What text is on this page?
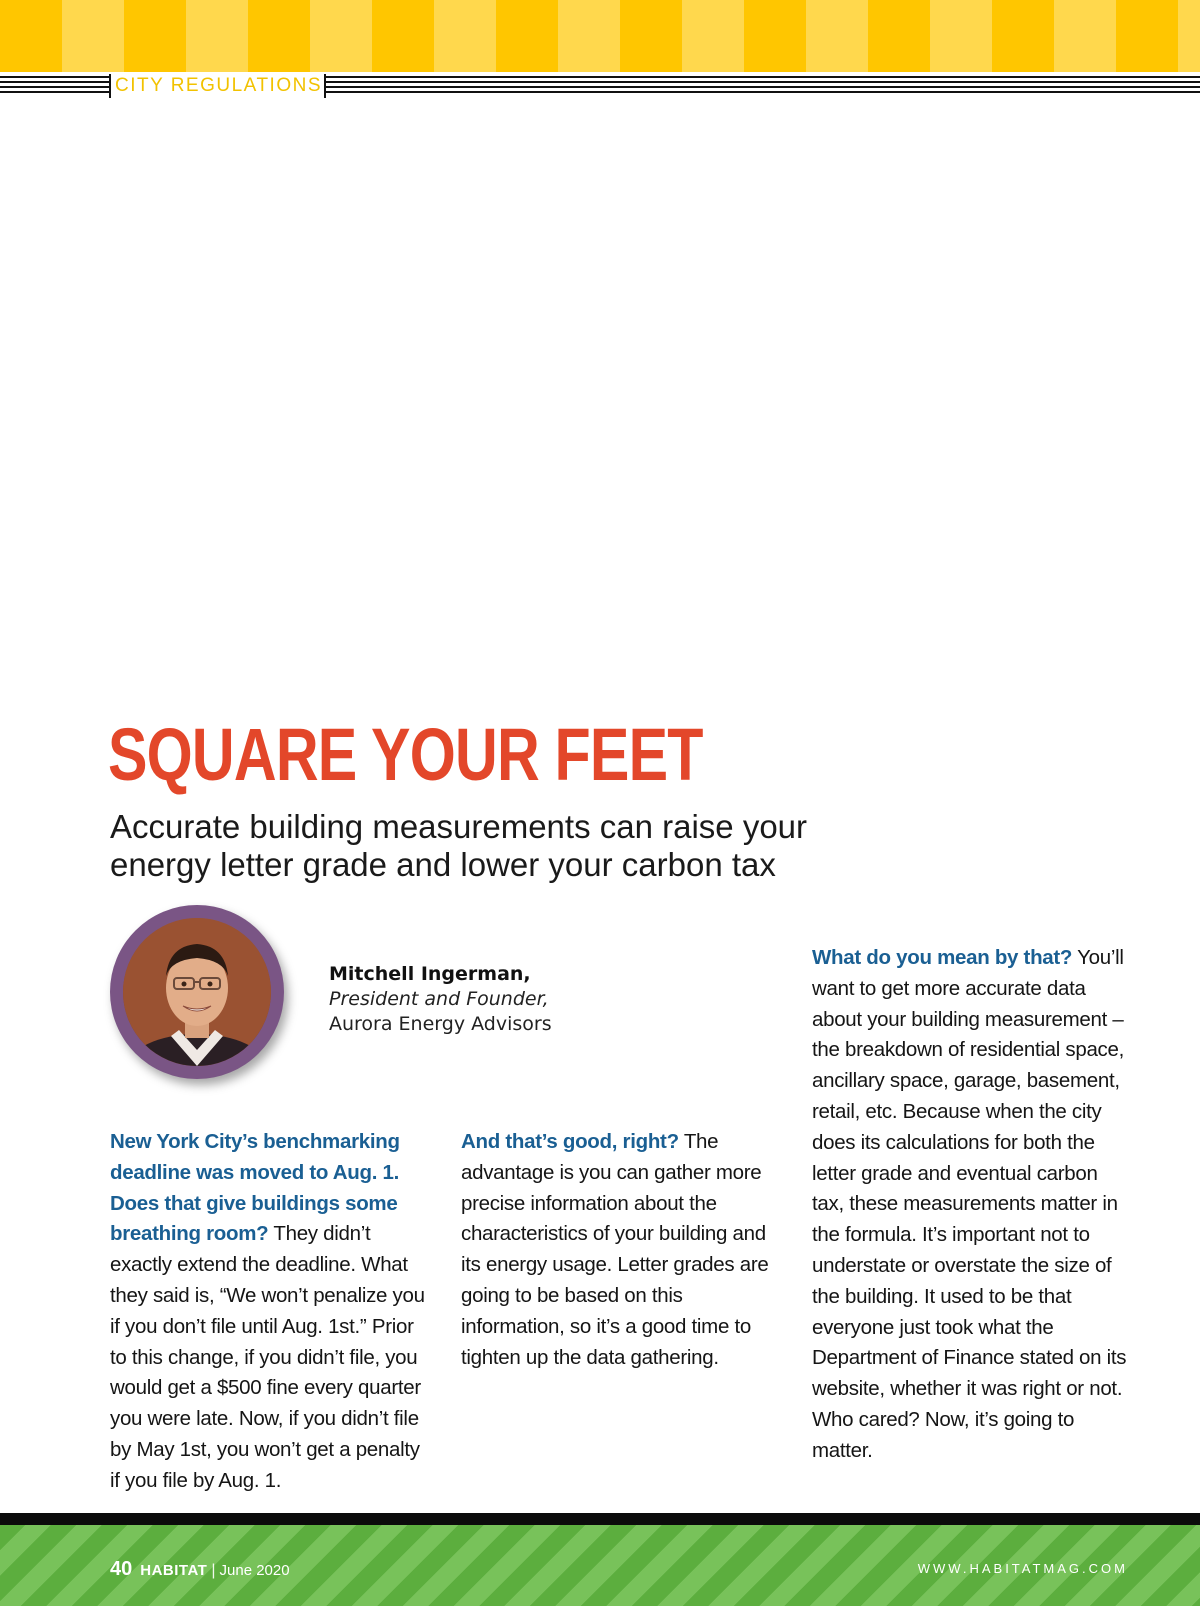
CITY REGULATIONS
SQUARE YOUR FEET
Accurate building measurements can raise your
energy letter grade and lower your carbon tax
Mitchell Ingerman,
President and Founder,
Aurora Energy Advisors

New York City’s benchmarking deadline was moved to Aug. 1. Does that give buildings some breathing room? They didn’t exactly extend the deadline. What they said is, “We won’t penalize you if you don’t file until Aug. 1st.” Prior to this change, if you didn’t file, you would get a $500 fine every quarter you were late. Now, if you didn’t file by May 1st, you won’t get a penalty if you file by Aug. 1.

What do you mean by that? You’ll want to get more accurate data about your building measurement – the breakdown of residential space, ancillary space, garage, basement, retail, etc. Because when the city does its calculations for both the letter grade and eventual carbon tax, these measurements matter in the formula. It’s important not to understate or overstate the size of the building. It used to be that everyone just took what the Department of Finance stated on its website, whether it was right or not. Who cared? Now, it’s going to matter.

And that’s good, right? The advantage is you can gather more precise information about the characteristics of your building and its energy usage. Letter grades are going to be based on this information, so it’s a good time to tighten up the data gathering.

40 HABITAT | June 2020	WWW.HABITATMAG.COM
